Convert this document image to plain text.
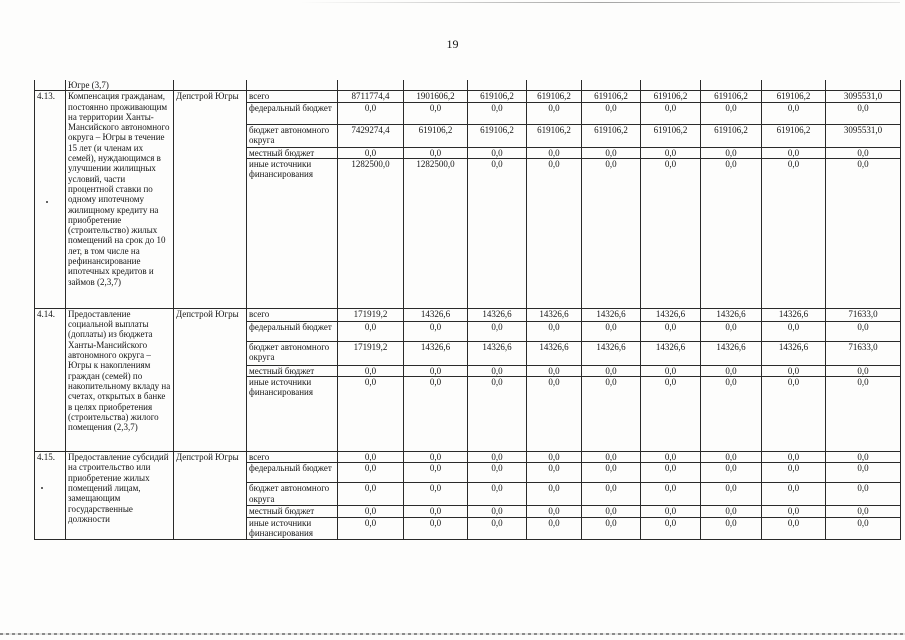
19
	Югре (3,7)											
4.13.	Компенсация гражданам, постоянно проживающим на территории Ханты-Мансийского автономного округа – Югры в течение 15 лет (и членам их семей), нуждающимся в улучшении жилищных условий, части процентной ставки по одному ипотечному жилищному кредиту на приобретение (строительство) жилых помещений на срок до 10 лет, в том числе на рефинансирование ипотечных кредитов и займов (2,3,7)	Депстрой Югры	всего	8711774,4	1901606,2	619106,2	619106,2	619106,2	619106,2	619106,2	619106,2	3095531,0
			федеральный бюджет	0,0	0,0	0,0	0,0	0,0	0,0	0,0	0,0	0,0
			бюджет автономного округа	7429274,4	619106,2	619106,2	619106,2	619106,2	619106,2	619106,2	619106,2	3095531,0
			местный бюджет	0,0	0,0	0,0	0,0	0,0	0,0	0,0	0,0	0,0
			иные источники финансирования	1282500,0	1282500,0	0,0	0,0	0,0	0,0	0,0	0,0	0,0
4.14.	Предоставление социальной выплаты (доплаты) из бюджета Ханты-Мансийского автономного округа – Югры к накоплениям граждан (семей) по накопительному вкладу на счетах, открытых в банке в целях приобретения (строительства) жилого помещения (2,3,7)	Депстрой Югры	всего	171919,2	14326,6	14326,6	14326,6	14326,6	14326,6	14326,6	14326,6	71633,0
			федеральный бюджет	0,0	0,0	0,0	0,0	0,0	0,0	0,0	0,0	0,0
			бюджет автономного округа	171919,2	14326,6	14326,6	14326,6	14326,6	14326,6	14326,6	14326,6	71633,0
			местный бюджет	0,0	0,0	0,0	0,0	0,0	0,0	0,0	0,0	0,0
			иные источники финансирования	0,0	0,0	0,0	0,0	0,0	0,0	0,0	0,0	0,0
4.15.	Предоставление субсидий на строительство или приобретение жилых помещений лицам, замещающим государственные должности	Депстрой Югры	всего	0,0	0,0	0,0	0,0	0,0	0,0	0,0	0,0	0,0
			федеральный бюджет	0,0	0,0	0,0	0,0	0,0	0,0	0,0	0,0	0,0
			бюджет автономного округа	0,0	0,0	0,0	0,0	0,0	0,0	0,0	0,0	0,0
			местный бюджет	0,0	0,0	0,0	0,0	0,0	0,0	0,0	0,0	0,0
			иные источники финансирования	0,0	0,0	0,0	0,0	0,0	0,0	0,0	0,0	0,0
